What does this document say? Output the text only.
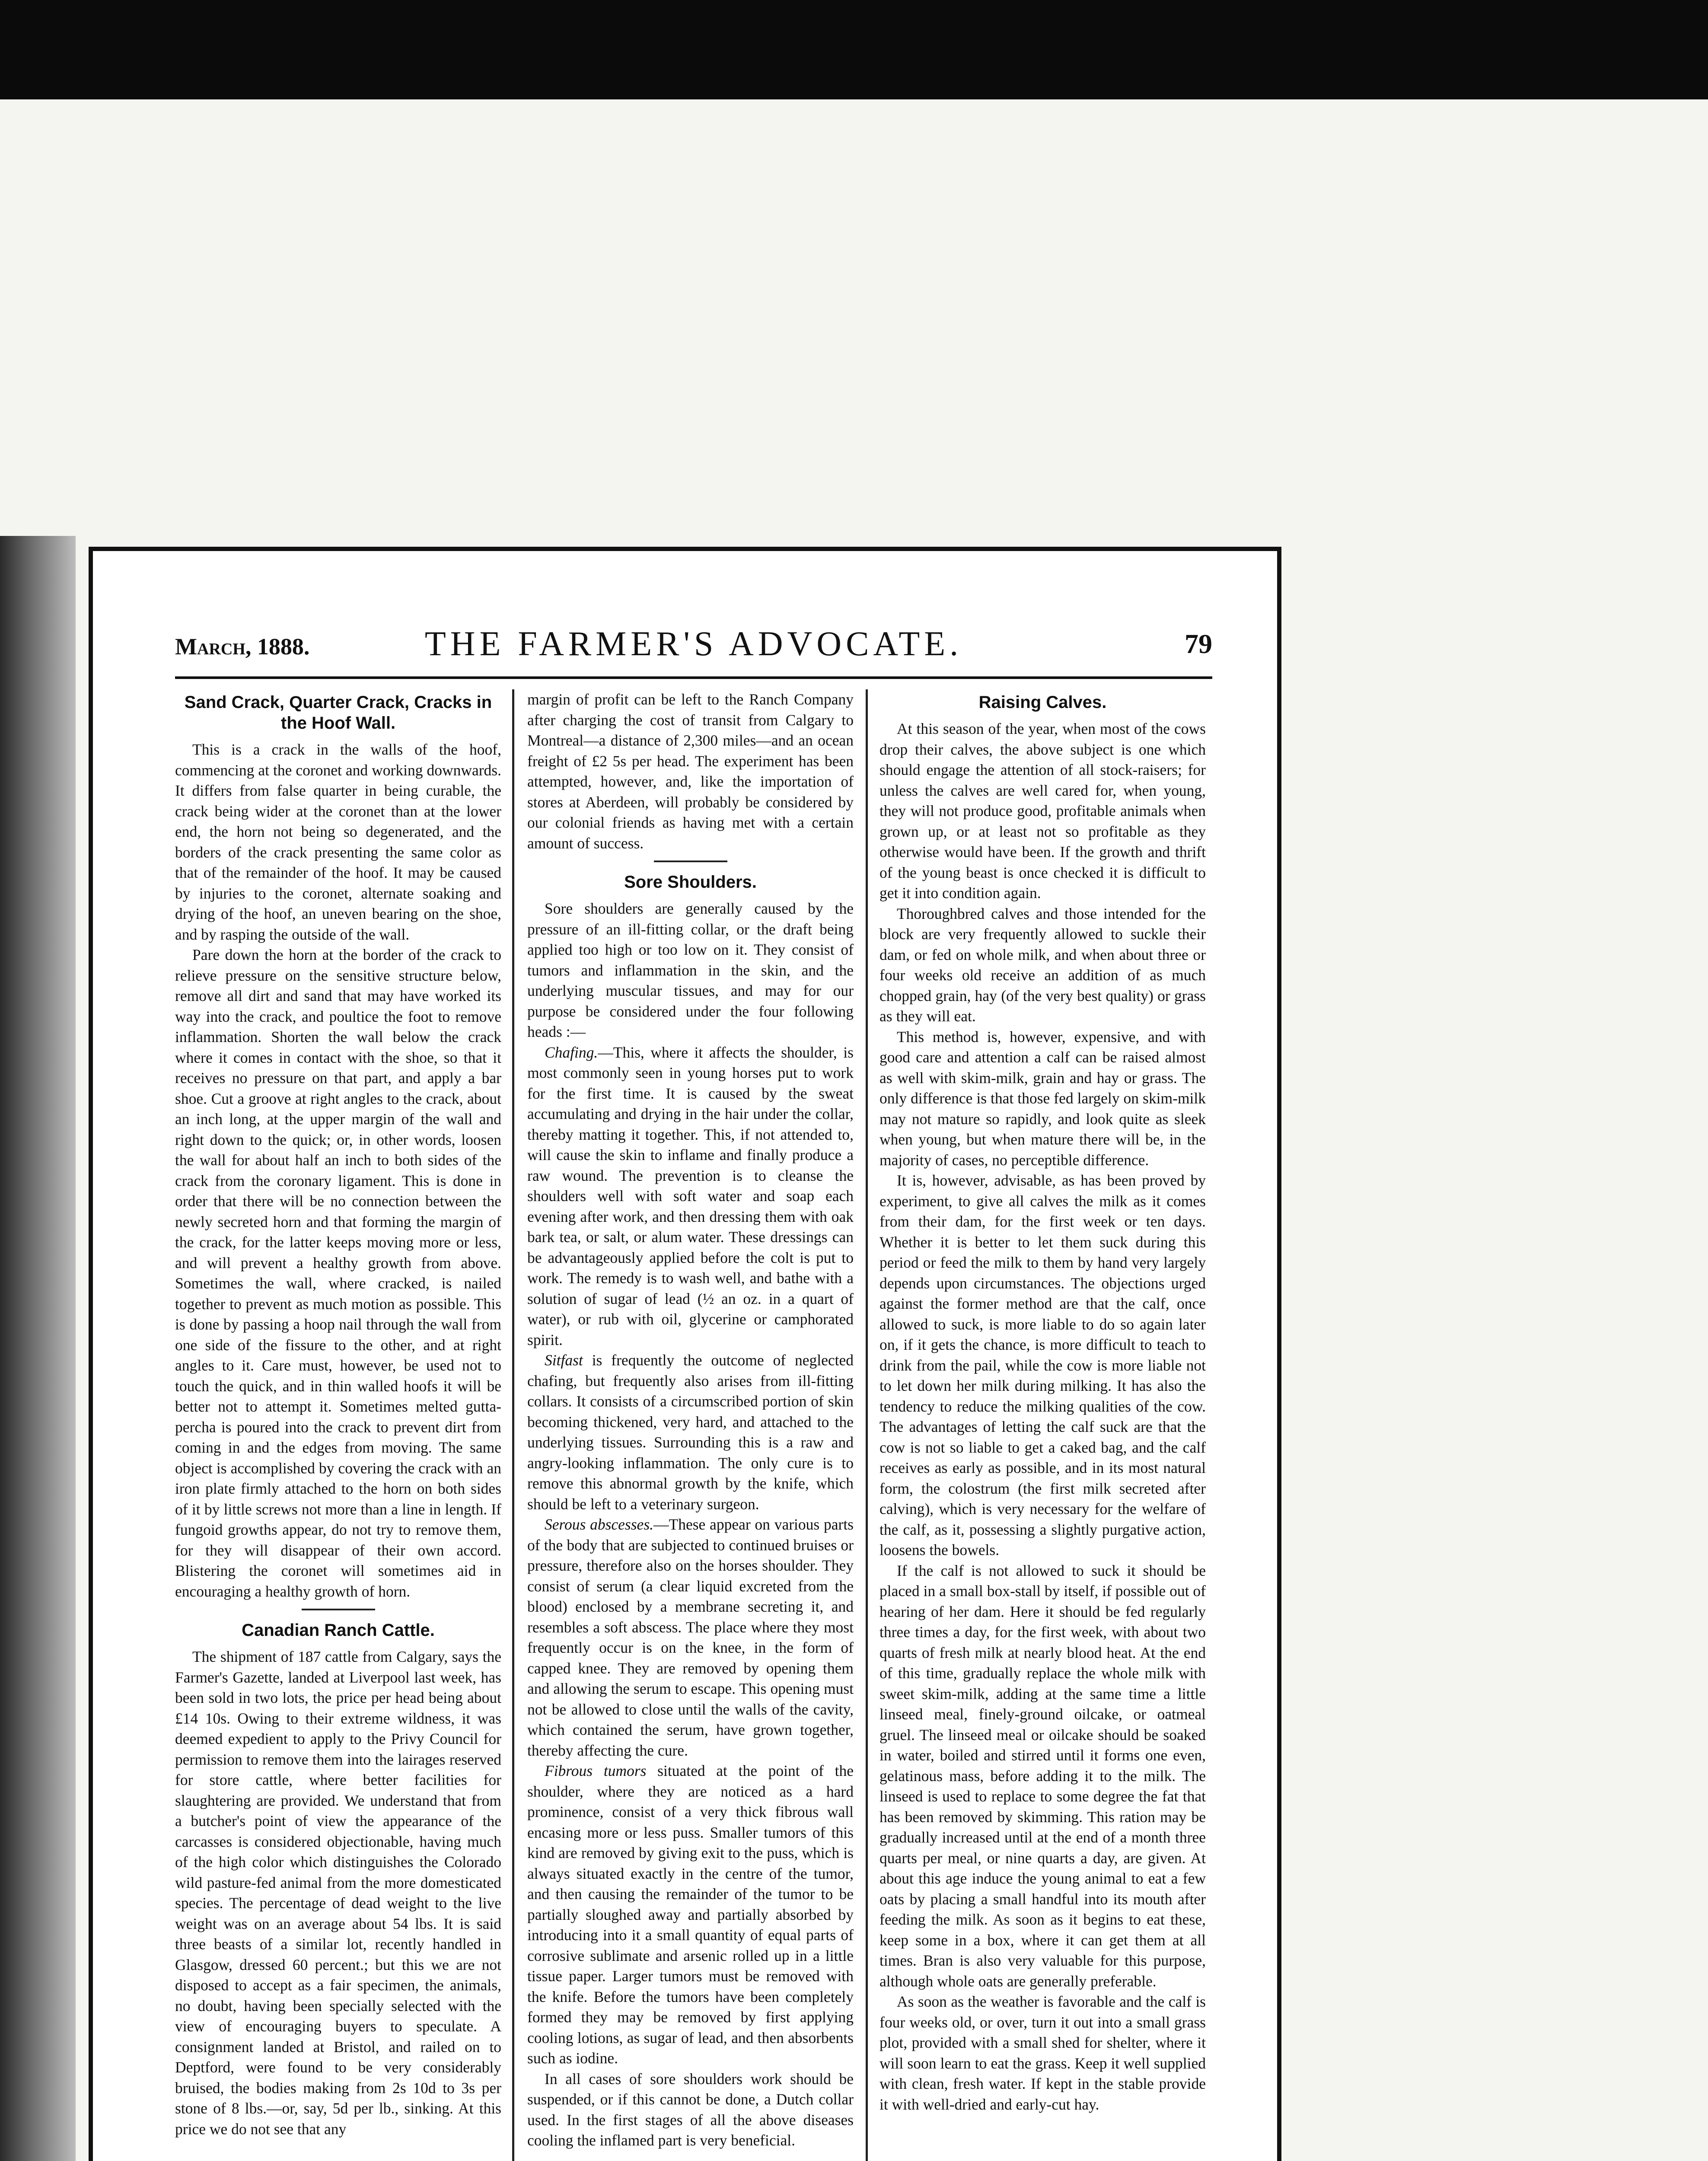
March, 1888.	THE FARMER'S ADVOCATE.	79
Sand Crack, Quarter Crack, Cracks in the Hoof Wall.

This is a crack in the walls of the hoof, commencing at the coronet and working downwards. It differs from false quarter in being curable, the crack being wider at the coronet than at the lower end, the horn not being so degenerated, and the borders of the crack presenting the same color as that of the remainder of the hoof. It may be caused by injuries to the coronet, alternate soaking and drying of the hoof, an uneven bearing on the shoe, and by rasping the outside of the wall.

Pare down the horn at the border of the crack to relieve pressure on the sensitive structure below, remove all dirt and sand that may have worked its way into the crack, and poultice the foot to remove inflammation. Shorten the wall below the crack where it comes in contact with the shoe, so that it receives no pressure on that part, and apply a bar shoe. Cut a groove at right angles to the crack, about an inch long, at the upper margin of the wall and right down to the quick; or, in other words, loosen the wall for about half an inch to both sides of the crack from the coronary ligament. This is done in order that there will be no connection between the newly secreted horn and that forming the margin of the crack, for the latter keeps moving more or less, and will prevent a healthy growth from above. Sometimes the wall, where cracked, is nailed together to prevent as much motion as possible. This is done by passing a hoop nail through the wall from one side of the fissure to the other, and at right angles to it. Care must, however, be used not to touch the quick, and in thin walled hoofs it will be better not to attempt it. Sometimes melted gutta-percha is poured into the crack to prevent dirt from coming in and the edges from moving. The same object is accomplished by covering the crack with an iron plate firmly attached to the horn on both sides of it by little screws not more than a line in length. If fungoid growths appear, do not try to remove them, for they will disappear of their own accord. Blistering the coronet will sometimes aid in encouraging a healthy growth of horn.

Canadian Ranch Cattle.

The shipment of 187 cattle from Calgary, says the Farmer's Gazette, landed at Liverpool last week, has been sold in two lots, the price per head being about £14 10s. Owing to their extreme wildness, it was deemed expedient to apply to the Privy Council for permission to remove them into the lairages reserved for store cattle, where better facilities for slaughtering are provided. We understand that from a butcher's point of view the appearance of the carcasses is considered objectionable, having much of the high color which distinguishes the Colorado wild pasture-fed animal from the more domesticated species. The percentage of dead weight to the live weight was on an average about 54 lbs. It is said three beasts of a similar lot, recently handled in Glasgow, dressed 60 percent.; but this we are not disposed to accept as a fair specimen, the animals, no doubt, having been specially selected with the view of encouraging buyers to speculate. A consignment landed at Bristol, and railed on to Deptford, were found to be very considerably bruised, the bodies making from 2s 10d to 3s per stone of 8 lbs.—or, say, 5d per lb., sinking. At this price we do not see that any

margin of profit can be left to the Ranch Company after charging the cost of transit from Calgary to Montreal—a distance of 2,300 miles—and an ocean freight of £2 5s per head. The experiment has been attempted, however, and, like the importation of stores at Aberdeen, will probably be considered by our colonial friends as having met with a certain amount of success.

Sore Shoulders.

Sore shoulders are generally caused by the pressure of an ill-fitting collar, or the draft being applied too high or too low on it. They consist of tumors and inflammation in the skin, and the underlying muscular tissues, and may for our purpose be considered under the four following heads :—

Chafing.—This, where it affects the shoulder, is most commonly seen in young horses put to work for the first time. It is caused by the sweat accumulating and drying in the hair under the collar, thereby matting it together. This, if not attended to, will cause the skin to inflame and finally produce a raw wound. The prevention is to cleanse the shoulders well with soft water and soap each evening after work, and then dressing them with oak bark tea, or salt, or alum water. These dressings can be advantageously applied before the colt is put to work. The remedy is to wash well, and bathe with a solution of sugar of lead (½ an oz. in a quart of water), or rub with oil, glycerine or camphorated spirit.

Sitfast is frequently the outcome of neglected chafing, but frequently also arises from ill-fitting collars. It consists of a circumscribed portion of skin becoming thickened, very hard, and attached to the underlying tissues. Surrounding this is a raw and angry-looking inflammation. The only cure is to remove this abnormal growth by the knife, which should be left to a veterinary surgeon.

Serous abscesses.—These appear on various parts of the body that are subjected to continued bruises or pressure, therefore also on the horses shoulder. They consist of serum (a clear liquid excreted from the blood) enclosed by a membrane secreting it, and resembles a soft abscess. The place where they most frequently occur is on the knee, in the form of capped knee. They are removed by opening them and allowing the serum to escape. This opening must not be allowed to close until the walls of the cavity, which contained the serum, have grown together, thereby affecting the cure.

Fibrous tumors situated at the point of the shoulder, where they are noticed as a hard prominence, consist of a very thick fibrous wall encasing more or less puss. Smaller tumors of this kind are removed by giving exit to the puss, which is always situated exactly in the centre of the tumor, and then causing the remainder of the tumor to be partially sloughed away and partially absorbed by introducing into it a small quantity of equal parts of corrosive sublimate and arsenic rolled up in a little tissue paper. Larger tumors must be removed with the knife. Before the tumors have been completely formed they may be removed by first applying cooling lotions, as sugar of lead, and then absorbents such as iodine.

In all cases of sore shoulders work should be suspended, or if this cannot be done, a Dutch collar used. In the first stages of all the above diseases cooling the inflamed part is very beneficial.

Raising Calves.

At this season of the year, when most of the cows drop their calves, the above subject is one which should engage the attention of all stock-raisers; for unless the calves are well cared for, when young, they will not produce good, profitable animals when grown up, or at least not so profitable as they otherwise would have been. If the growth and thrift of the young beast is once checked it is difficult to get it into condition again.

Thoroughbred calves and those intended for the block are very frequently allowed to suckle their dam, or fed on whole milk, and when about three or four weeks old receive an addition of as much chopped grain, hay (of the very best quality) or grass as they will eat.

This method is, however, expensive, and with good care and attention a calf can be raised almost as well with skim-milk, grain and hay or grass. The only difference is that those fed largely on skim-milk may not mature so rapidly, and look quite as sleek when young, but when mature there will be, in the majority of cases, no perceptible difference.

It is, however, advisable, as has been proved by experiment, to give all calves the milk as it comes from their dam, for the first week or ten days. Whether it is better to let them suck during this period or feed the milk to them by hand very largely depends upon circumstances. The objections urged against the former method are that the calf, once allowed to suck, is more liable to do so again later on, if it gets the chance, is more difficult to teach to drink from the pail, while the cow is more liable not to let down her milk during milking. It has also the tendency to reduce the milking qualities of the cow. The advantages of letting the calf suck are that the cow is not so liable to get a caked bag, and the calf receives as early as possible, and in its most natural form, the colostrum (the first milk secreted after calving), which is very necessary for the welfare of the calf, as it, possessing a slightly purgative action, loosens the bowels.

If the calf is not allowed to suck it should be placed in a small box-stall by itself, if possible out of hearing of her dam. Here it should be fed regularly three times a day, for the first week, with about two quarts of fresh milk at nearly blood heat. At the end of this time, gradually replace the whole milk with sweet skim-milk, adding at the same time a little linseed meal, finely-ground oilcake, or oatmeal gruel. The linseed meal or oilcake should be soaked in water, boiled and stirred until it forms one even, gelatinous mass, before adding it to the milk. The linseed is used to replace to some degree the fat that has been removed by skimming. This ration may be gradually increased until at the end of a month three quarts per meal, or nine quarts a day, are given. At about this age induce the young animal to eat a few oats by placing a small handful into its mouth after feeding the milk. As soon as it begins to eat these, keep some in a box, where it can get them at all times. Bran is also very valuable for this purpose, although whole oats are generally preferable.

As soon as the weather is favorable and the calf is four weeks old, or over, turn it out into a small grass plot, provided with a small shed for shelter, where it will soon learn to eat the grass. Keep it well supplied with clean, fresh water. If kept in the stable provide it with well-dried and early-cut hay.
